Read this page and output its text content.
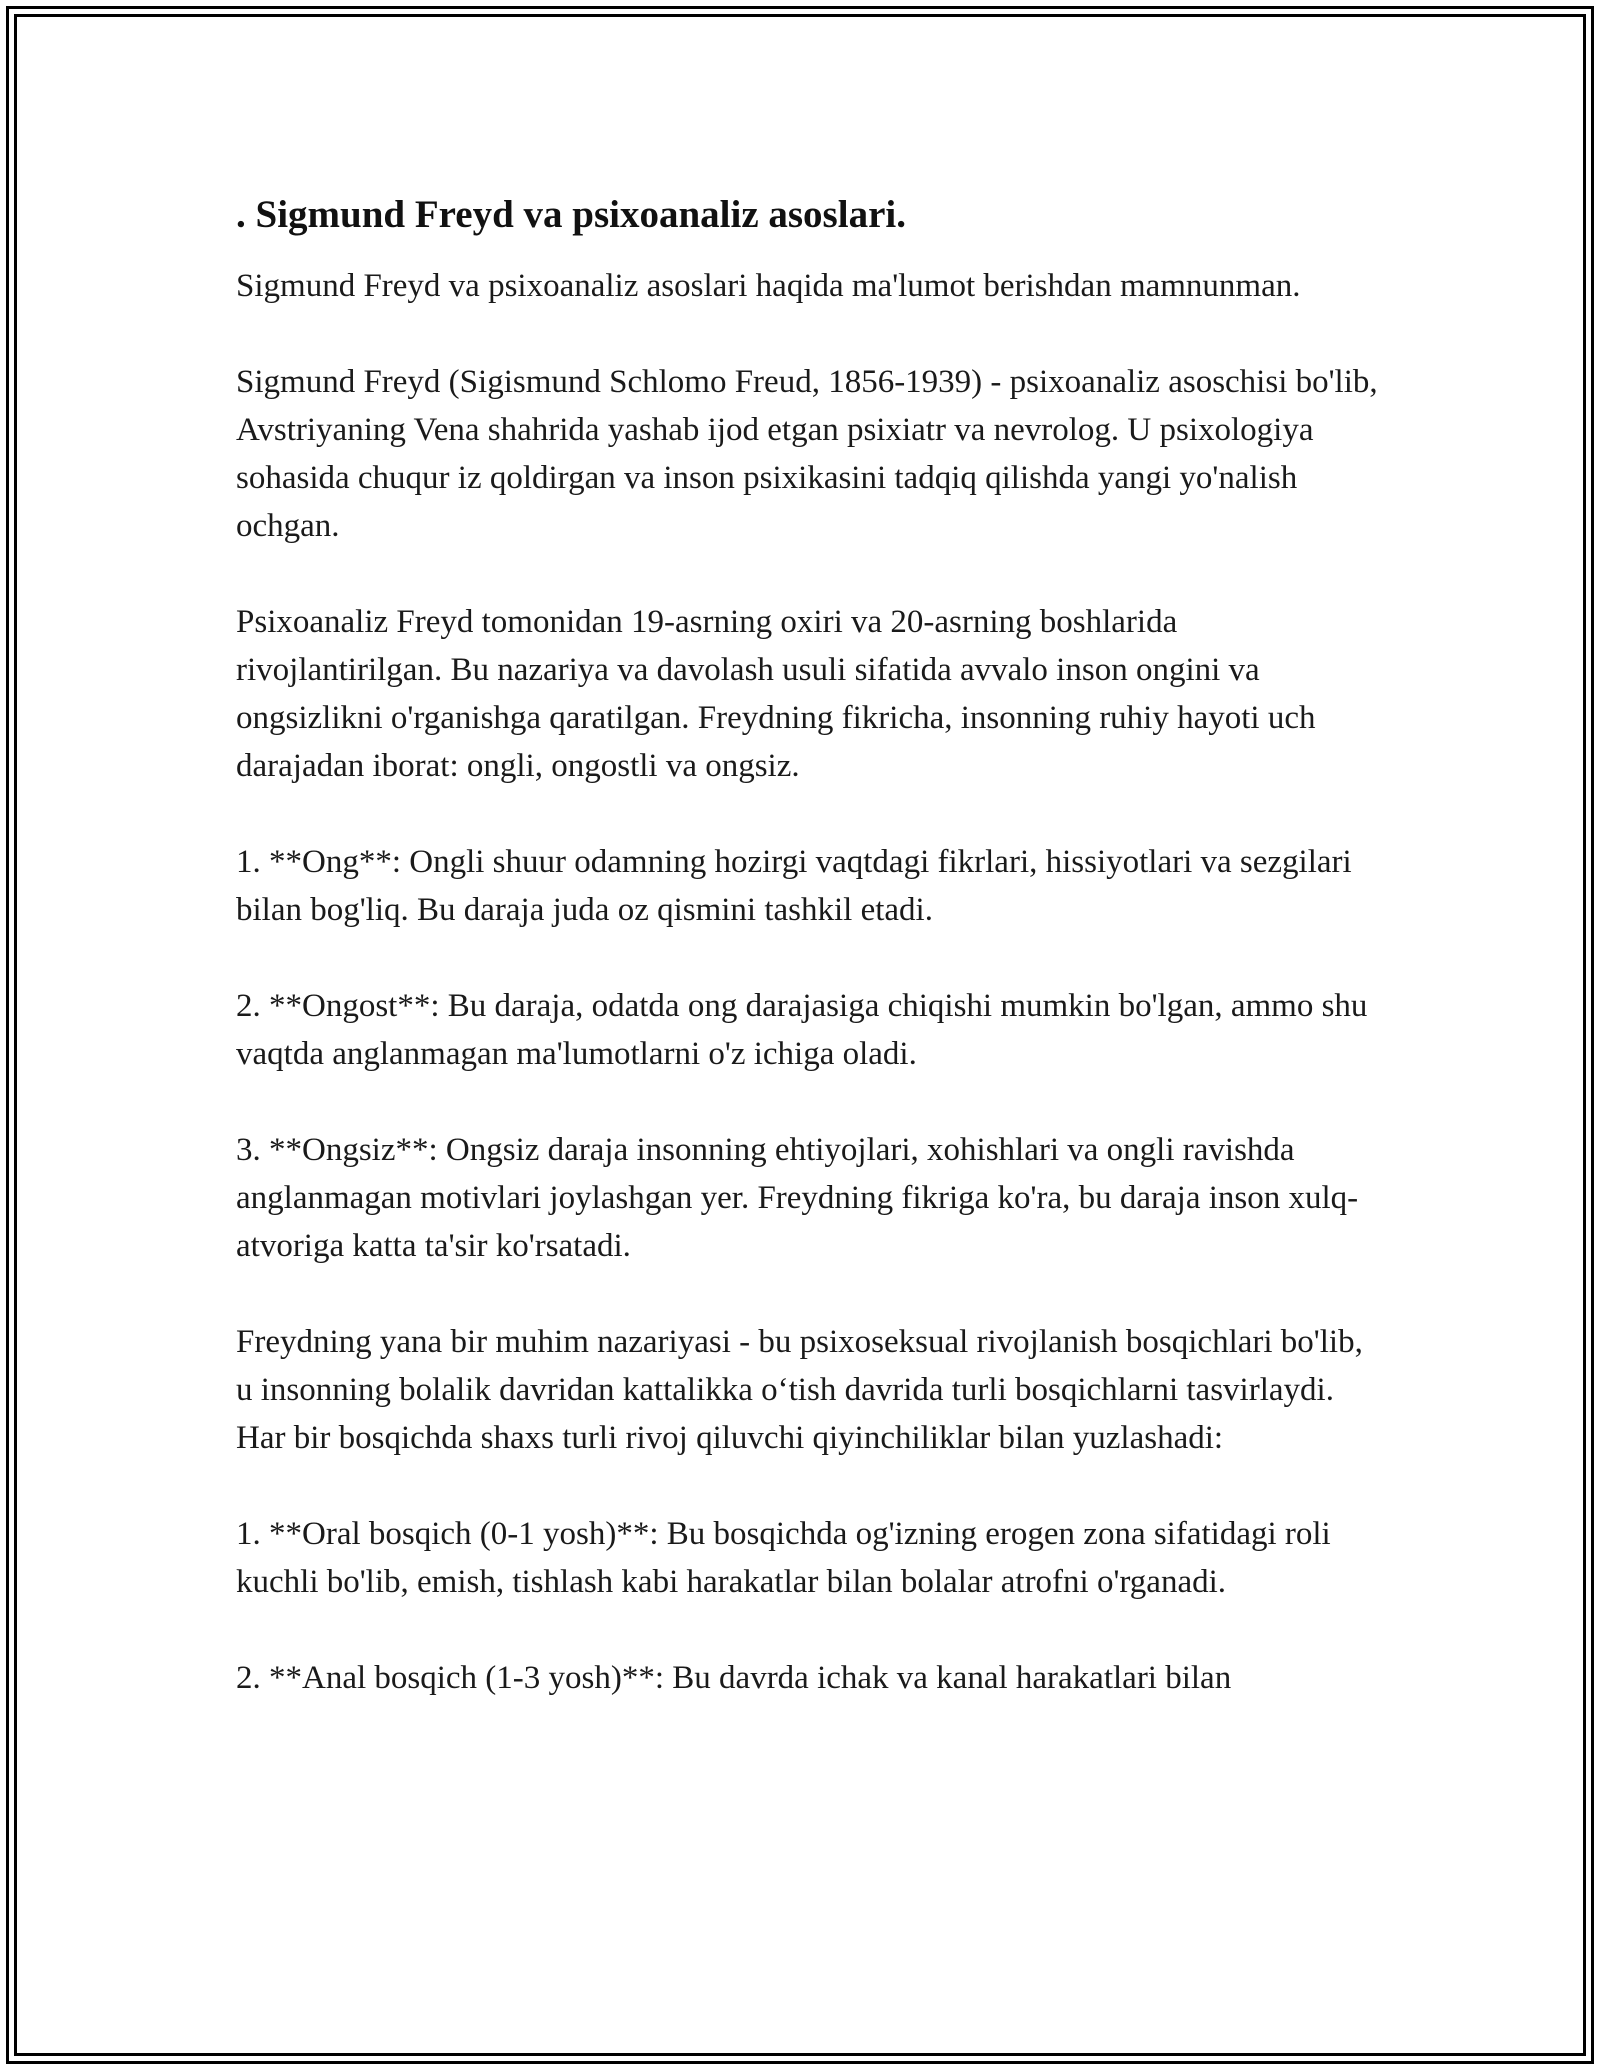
. Sigmund Freyd va psixoanaliz asoslari.

Sigmund Freyd va psixoanaliz asoslari haqida ma'lumot berishdan mamnunman.

Sigmund Freyd (Sigismund Schlomo Freud, 1856-1939) - psixoanaliz asoschisi bo'lib, Avstriyaning Vena shahrida yashab ijod etgan psixiatr va nevrolog. U psixologiya sohasida chuqur iz qoldirgan va inson psixikasini tadqiq qilishda yangi yo'nalish ochgan.

Psixoanaliz Freyd tomonidan 19-asrning oxiri va 20-asrning boshlarida rivojlantirilgan. Bu nazariya va davolash usuli sifatida avvalo inson ongini va ongsizlikni o'rganishga qaratilgan. Freydning fikricha, insonning ruhiy hayoti uch darajadan iborat: ongli, ongostli va ongsiz.

1. **Ong**: Ongli shuur odamning hozirgi vaqtdagi fikrlari, hissiyotlari va sezgilari bilan bog'liq. Bu daraja juda oz qismini tashkil etadi.

2. **Ongost**: Bu daraja, odatda ong darajasiga chiqishi mumkin bo'lgan, ammo shu vaqtda anglanmagan ma'lumotlarni o'z ichiga oladi.

3. **Ongsiz**: Ongsiz daraja insonning ehtiyojlari, xohishlari va ongli ravishda anglanmagan motivlari joylashgan yer. Freydning fikriga ko'ra, bu daraja inson xulq-atvoriga katta ta'sir ko'rsatadi.

Freydning yana bir muhim nazariyasi - bu psixoseksual rivojlanish bosqichlari bo'lib, u insonning bolalik davridan kattalikka o‘tish davrida turli bosqichlarni tasvirlaydi. Har bir bosqichda shaxs turli rivoj qiluvchi qiyinchiliklar bilan yuzlashadi:

1. **Oral bosqich (0-1 yosh)**: Bu bosqichda og'izning erogen zona sifatidagi roli kuchli bo'lib, emish, tishlash kabi harakatlar bilan bolalar atrofni o'rganadi.

2. **Anal bosqich (1-3 yosh)**: Bu davrda ichak va kanal harakatlari bilan
